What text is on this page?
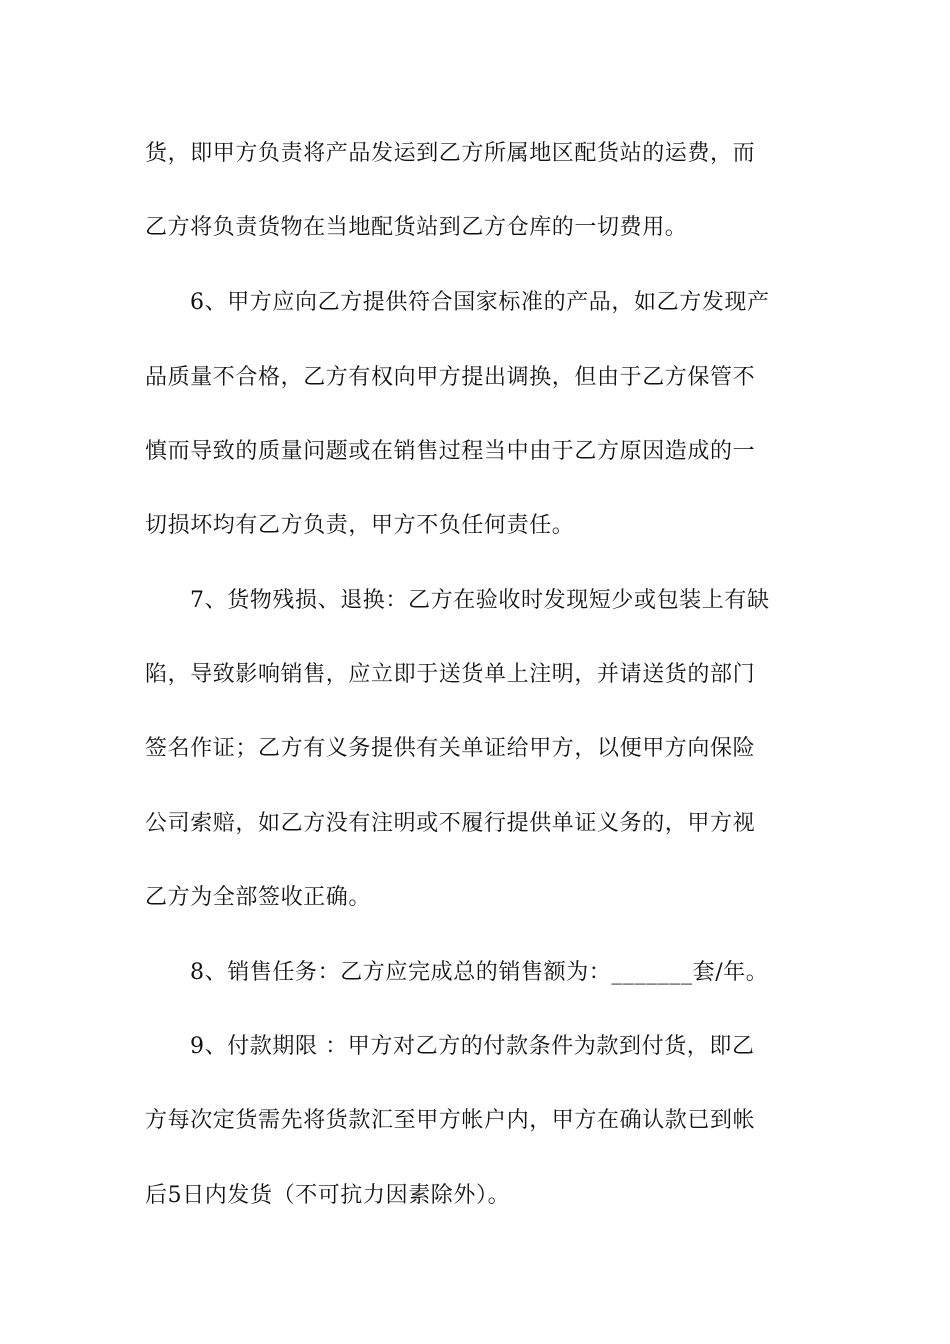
货，即甲方负责将产品发运到乙方所属地区配货站的运费，而
乙方将负责货物在当地配货站到乙方仓库的一切费用。
6、甲方应向乙方提供符合国家标准的产品，如乙方发现产
品质量不合格，乙方有权向甲方提出调换，但由于乙方保管不
慎而导致的质量问题或在销售过程当中由于乙方原因造成的一
切损坏均有乙方负责，甲方不负任何责任。
7、货物残损、退换：乙方在验收时发现短少或包装上有缺
陷，导致影响销售，应立即于送货单上注明，并请送货的部门
签名作证；乙方有义务提供有关单证给甲方，以便甲方向保险
公司索赔，如乙方没有注明或不履行提供单证义务的，甲方视
乙方为全部签收正确。
8、销售任务：乙方应完成总的销售额为：_______套/年。
9、付款期限 ：甲方对乙方的付款条件为款到付货，即乙
方每次定货需先将货款汇至甲方帐户内，甲方在确认款已到帐
后5日内发货（不可抗力因素除外）。
